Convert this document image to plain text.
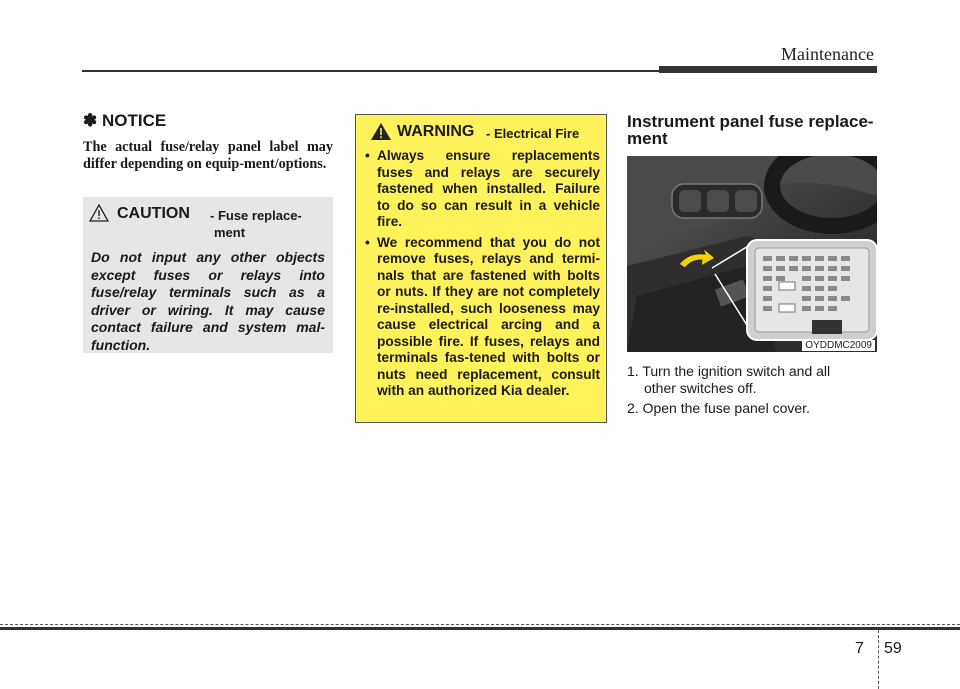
Maintenance
✽ NOTICE
The actual fuse/relay panel label may differ depending on equip-ment/options.
CAUTION - Fuse replace-
ment
Do not input any other objects except fuses or relays into fuse/relay terminals such as a driver or wiring. It may cause contact failure and system mal-function.
WARNING - Electrical Fire
• Always ensure replacements fuses and relays are securely fastened when installed. Failure to do so can result in a vehicle fire.
• We recommend that you do not remove fuses, relays and termi-nals that are fastened with bolts or nuts. If they are not completely re-installed, such looseness may cause electrical arcing and a possible fire. If fuses, relays and terminals fas-tened with bolts or nuts need replacement, consult with an authorized Kia dealer.
Instrument panel fuse replace-ment
OYDDMC2009
1. Turn the ignition switch and all
other switches off.
2. Open the fuse panel cover.
7 59
